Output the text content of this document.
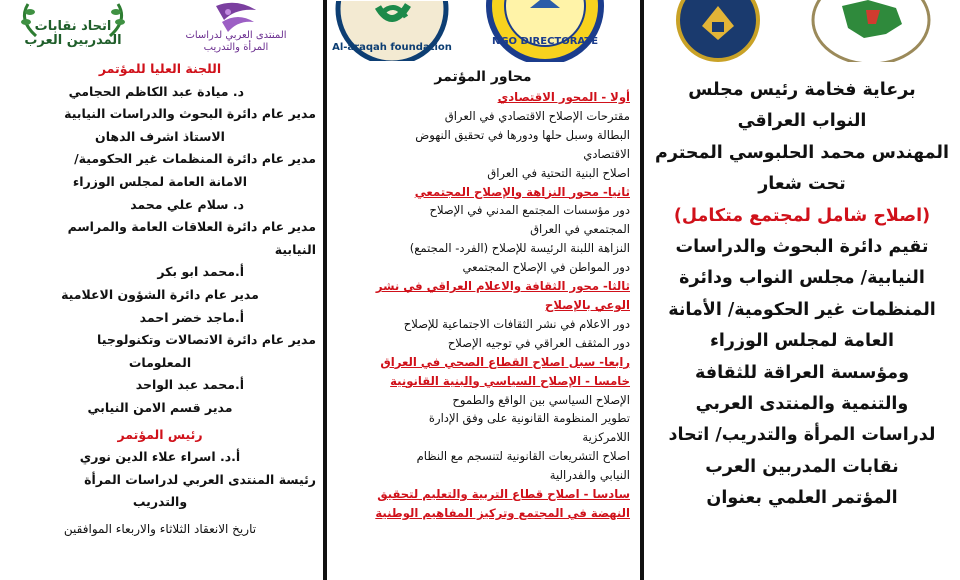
اتحاد نقابات
المدربين العرب	المنتدى العربي لدراسات
المرأة والتدريب	Al-araqah foundation
NGO DIRECTORATE
اللجنة العليا للمؤتمر
د. ميادة عبد الكاظم الحجامي
مدير عام دائرة البحوث والدراسات النيابية
الاستاذ اشرف الدهان
مدير عام دائرة المنظمات غير الحكومية/
الامانة العامة لمجلس الوزراء
د. سلام علي محمد
مدير عام دائرة العلاقات العامة والمراسم
النيابية
أ.محمد ابو بكر
مدير عام دائرة الشؤون الاعلامية
أ.ماجد خضر احمد
مدير عام دائرة الاتصالات وتكنولوجيا
المعلومات
أ.محمد عبد الواحد
مدير قسم الامن النيابي
رئيس المؤتمر
أ.د. اسراء علاء الدين نوري
رئيسة المنتدى العربي لدراسات المرأة
والتدريب
تاريخ الانعقاد الثلاثاء والاربعاء الموافقين
محاور المؤتمر
أولا - المحور الاقتصادي
مقترحات الإصلاح الاقتصادي في العراق
البطالة وسبل حلها ودورها في تحقيق النهوض
الاقتصادي
اصلاح البنية التحتية في العراق
ثانيا- محور النزاهة والإصلاح المجتمعي
دور مؤسسات المجتمع المدني في الإصلاح
المجتمعي في العراق
النزاهة اللبنة الرئيسة للإصلاح (الفرد- المجتمع)
دور المواطن في الإصلاح المجتمعي
ثالثا- محور الثقافة والاعلام العراقي في نشر
الوعي بالإصلاح
دور الاعلام في نشر الثقافات الاجتماعية للإصلاح
دور المثقف العراقي في توجيه الإصلاح
رابعا- سبل اصلاح القطاع الصحي في العراق
خامسا - الإصلاح السياسي والبنية القانونية
الإصلاح السياسي بين الواقع والطموح
تطوير المنظومة القانونية على وفق الإدارة
اللامركزية
اصلاح التشريعات القانونية لتنسجم مع النظام
النيابي والفدرالية
سادسا - اصلاح قطاع التربية والتعليم لتحقيق
النهضة في المجتمع وتركيز المفاهيم الوطنية
برعاية فخامة رئيس مجلس
النواب العراقي
المهندس محمد الحلبوسي المحترم
تحت شعار
(اصلاح شامل لمجتمع متكامل)
تقيم دائرة البحوث والدراسات
النيابية/ مجلس النواب ودائرة
المنظمات غير الحكومية/ الأمانة
العامة لمجلس الوزراء
ومؤسسة العراقة للثقافة
والتنمية والمنتدى العربي
لدراسات المرأة والتدريب/ اتحاد
نقابات المدربين العرب
المؤتمر العلمي بعنوان
